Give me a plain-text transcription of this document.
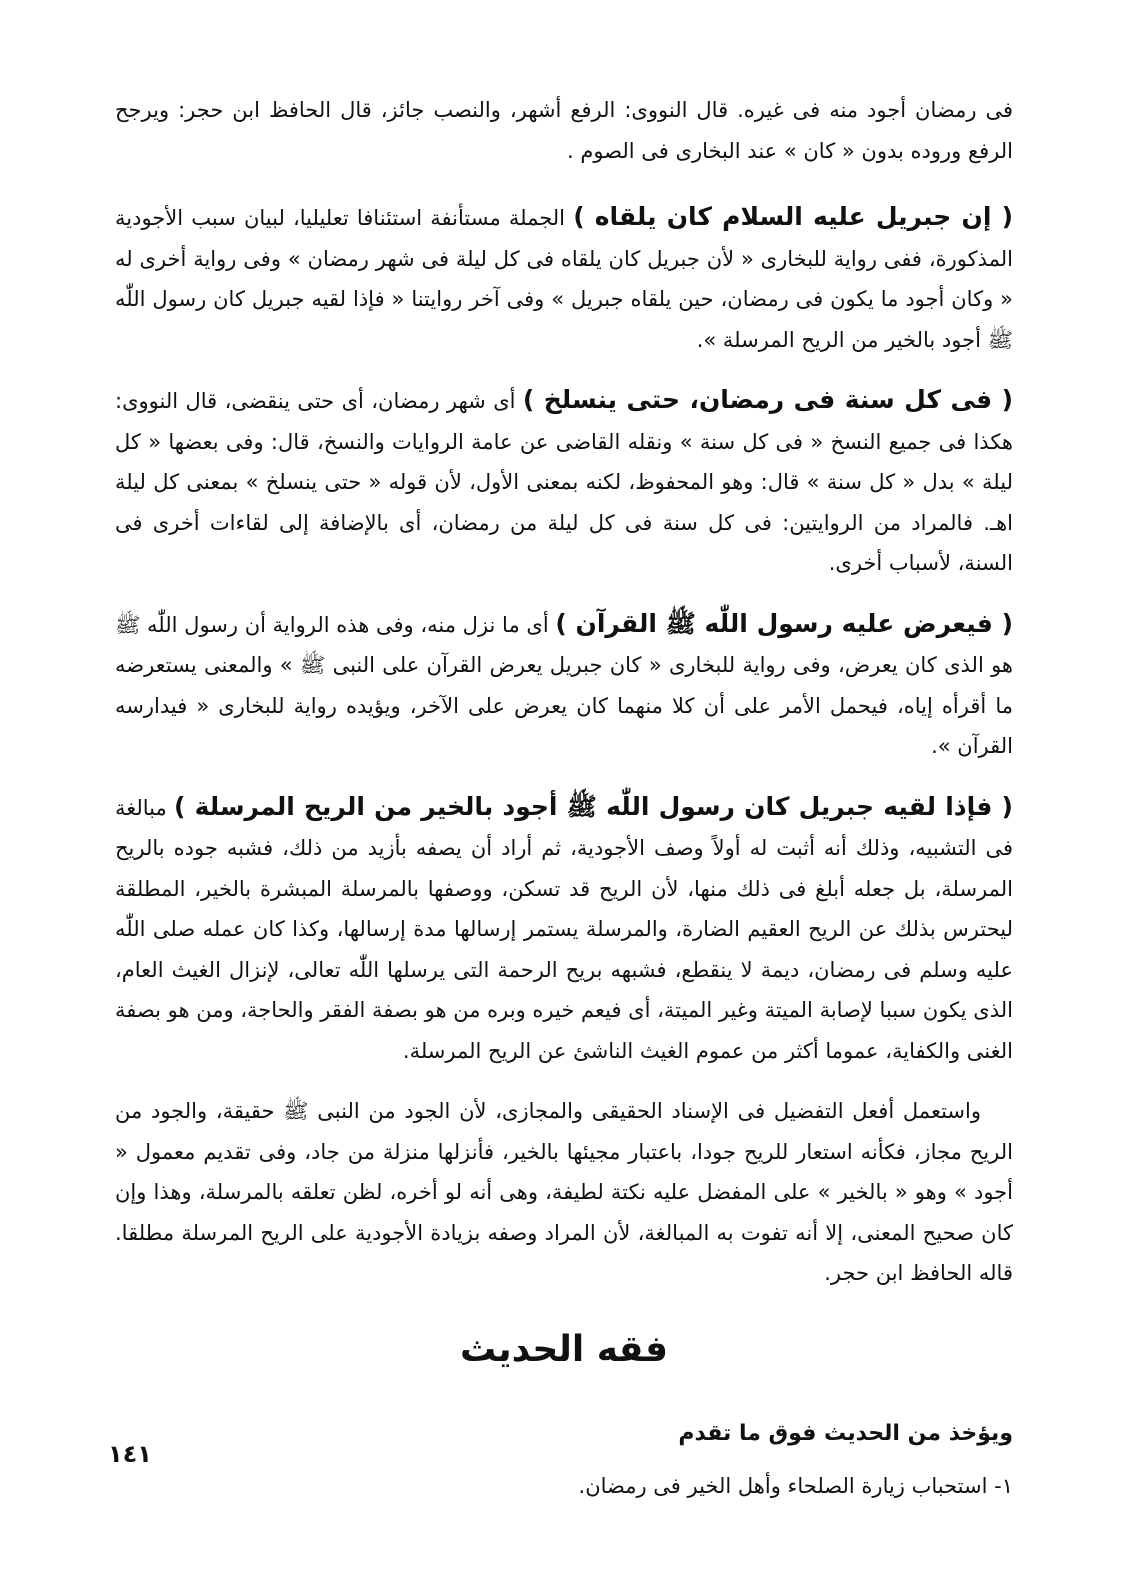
فى رمضان أجود منه فى غيره. قال النووى: الرفع أشهر، والنصب جائز، قال الحافظ ابن حجر: ويرجح الرفع وروده بدون « كان » عند البخارى فى الصوم .

( إن جبريل عليه السلام كان يلقاه ) الجملة مستأنفة استئنافا تعليليا، لبيان سبب الأجودية المذكورة، ففى رواية للبخارى « لأن جبريل كان يلقاه فى كل ليلة فى شهر رمضان » وفى رواية أخرى له « وكان أجود ما يكون فى رمضان، حين يلقاه جبريل » وفى آخر روايتنا « فإذا لقيه جبريل كان رسول اللّٰه ﷺ أجود بالخير من الريح المرسلة ».

( فى كل سنة فى رمضان، حتى ينسلخ ) أى شهر رمضان، أى حتى ينقضى، قال النووى: هكذا فى جميع النسخ « فى كل سنة » ونقله القاضى عن عامة الروايات والنسخ، قال: وفى بعضها « كل ليلة » بدل « كل سنة » قال: وهو المحفوظ، لكنه بمعنى الأول، لأن قوله « حتى ينسلخ » بمعنى كل ليلة اهـ. فالمراد من الروايتين: فى كل سنة فى كل ليلة من رمضان، أى بالإضافة إلى لقاءات أخرى فى السنة، لأسباب أخرى.

( فيعرض عليه رسول اللّٰه ﷺ القرآن ) أى ما نزل منه، وفى هذه الرواية أن رسول اللّٰه ﷺ هو الذى كان يعرض، وفى رواية للبخارى « كان جبريل يعرض القرآن على النبى ﷺ » والمعنى يستعرضه ما أقرأه إياه، فيحمل الأمر على أن كلا منهما كان يعرض على الآخر، ويؤيده رواية للبخارى « فيدارسه القرآن ».

( فإذا لقيه جبريل كان رسول اللّٰه ﷺ أجود بالخير من الريح المرسلة ) مبالغة فى التشبيه، وذلك أنه أثبت له أولاً وصف الأجودية، ثم أراد أن يصفه بأزيد من ذلك، فشبه جوده بالريح المرسلة، بل جعله أبلغ فى ذلك منها، لأن الريح قد تسكن، ووصفها بالمرسلة المبشرة بالخير، المطلقة ليحترس بذلك عن الريح العقيم الضارة، والمرسلة يستمر إرسالها مدة إرسالها، وكذا كان عمله صلى اللّٰه عليه وسلم فى رمضان، ديمة لا ينقطع، فشبهه بريح الرحمة التى يرسلها اللّٰه تعالى، لإنزال الغيث العام، الذى يكون سببا لإصابة الميتة وغير الميتة، أى فيعم خيره وبره من هو بصفة الفقر والحاجة، ومن هو بصفة الغنى والكفاية، عموما أكثر من عموم الغيث الناشئ عن الريح المرسلة.

واستعمل أفعل التفضيل فى الإسناد الحقيقى والمجازى، لأن الجود من النبى ﷺ حقيقة، والجود من الريح مجاز، فكأنه استعار للريح جودا، باعتبار مجيئها بالخير، فأنزلها منزلة من جاد، وفى تقديم معمول « أجود » وهو « بالخير » على المفضل عليه نكتة لطيفة، وهى أنه لو أخره، لظن تعلقه بالمرسلة، وهذا وإن كان صحيح المعنى، إلا أنه تفوت به المبالغة، لأن المراد وصفه بزيادة الأجودية على الريح المرسلة مطلقا. قاله الحافظ ابن حجر.

فقه الحديث

ويؤخذ من الحديث فوق ما تقدم

١- استحباب زيارة الصلحاء وأهل الخير فى رمضان.

١٤١
